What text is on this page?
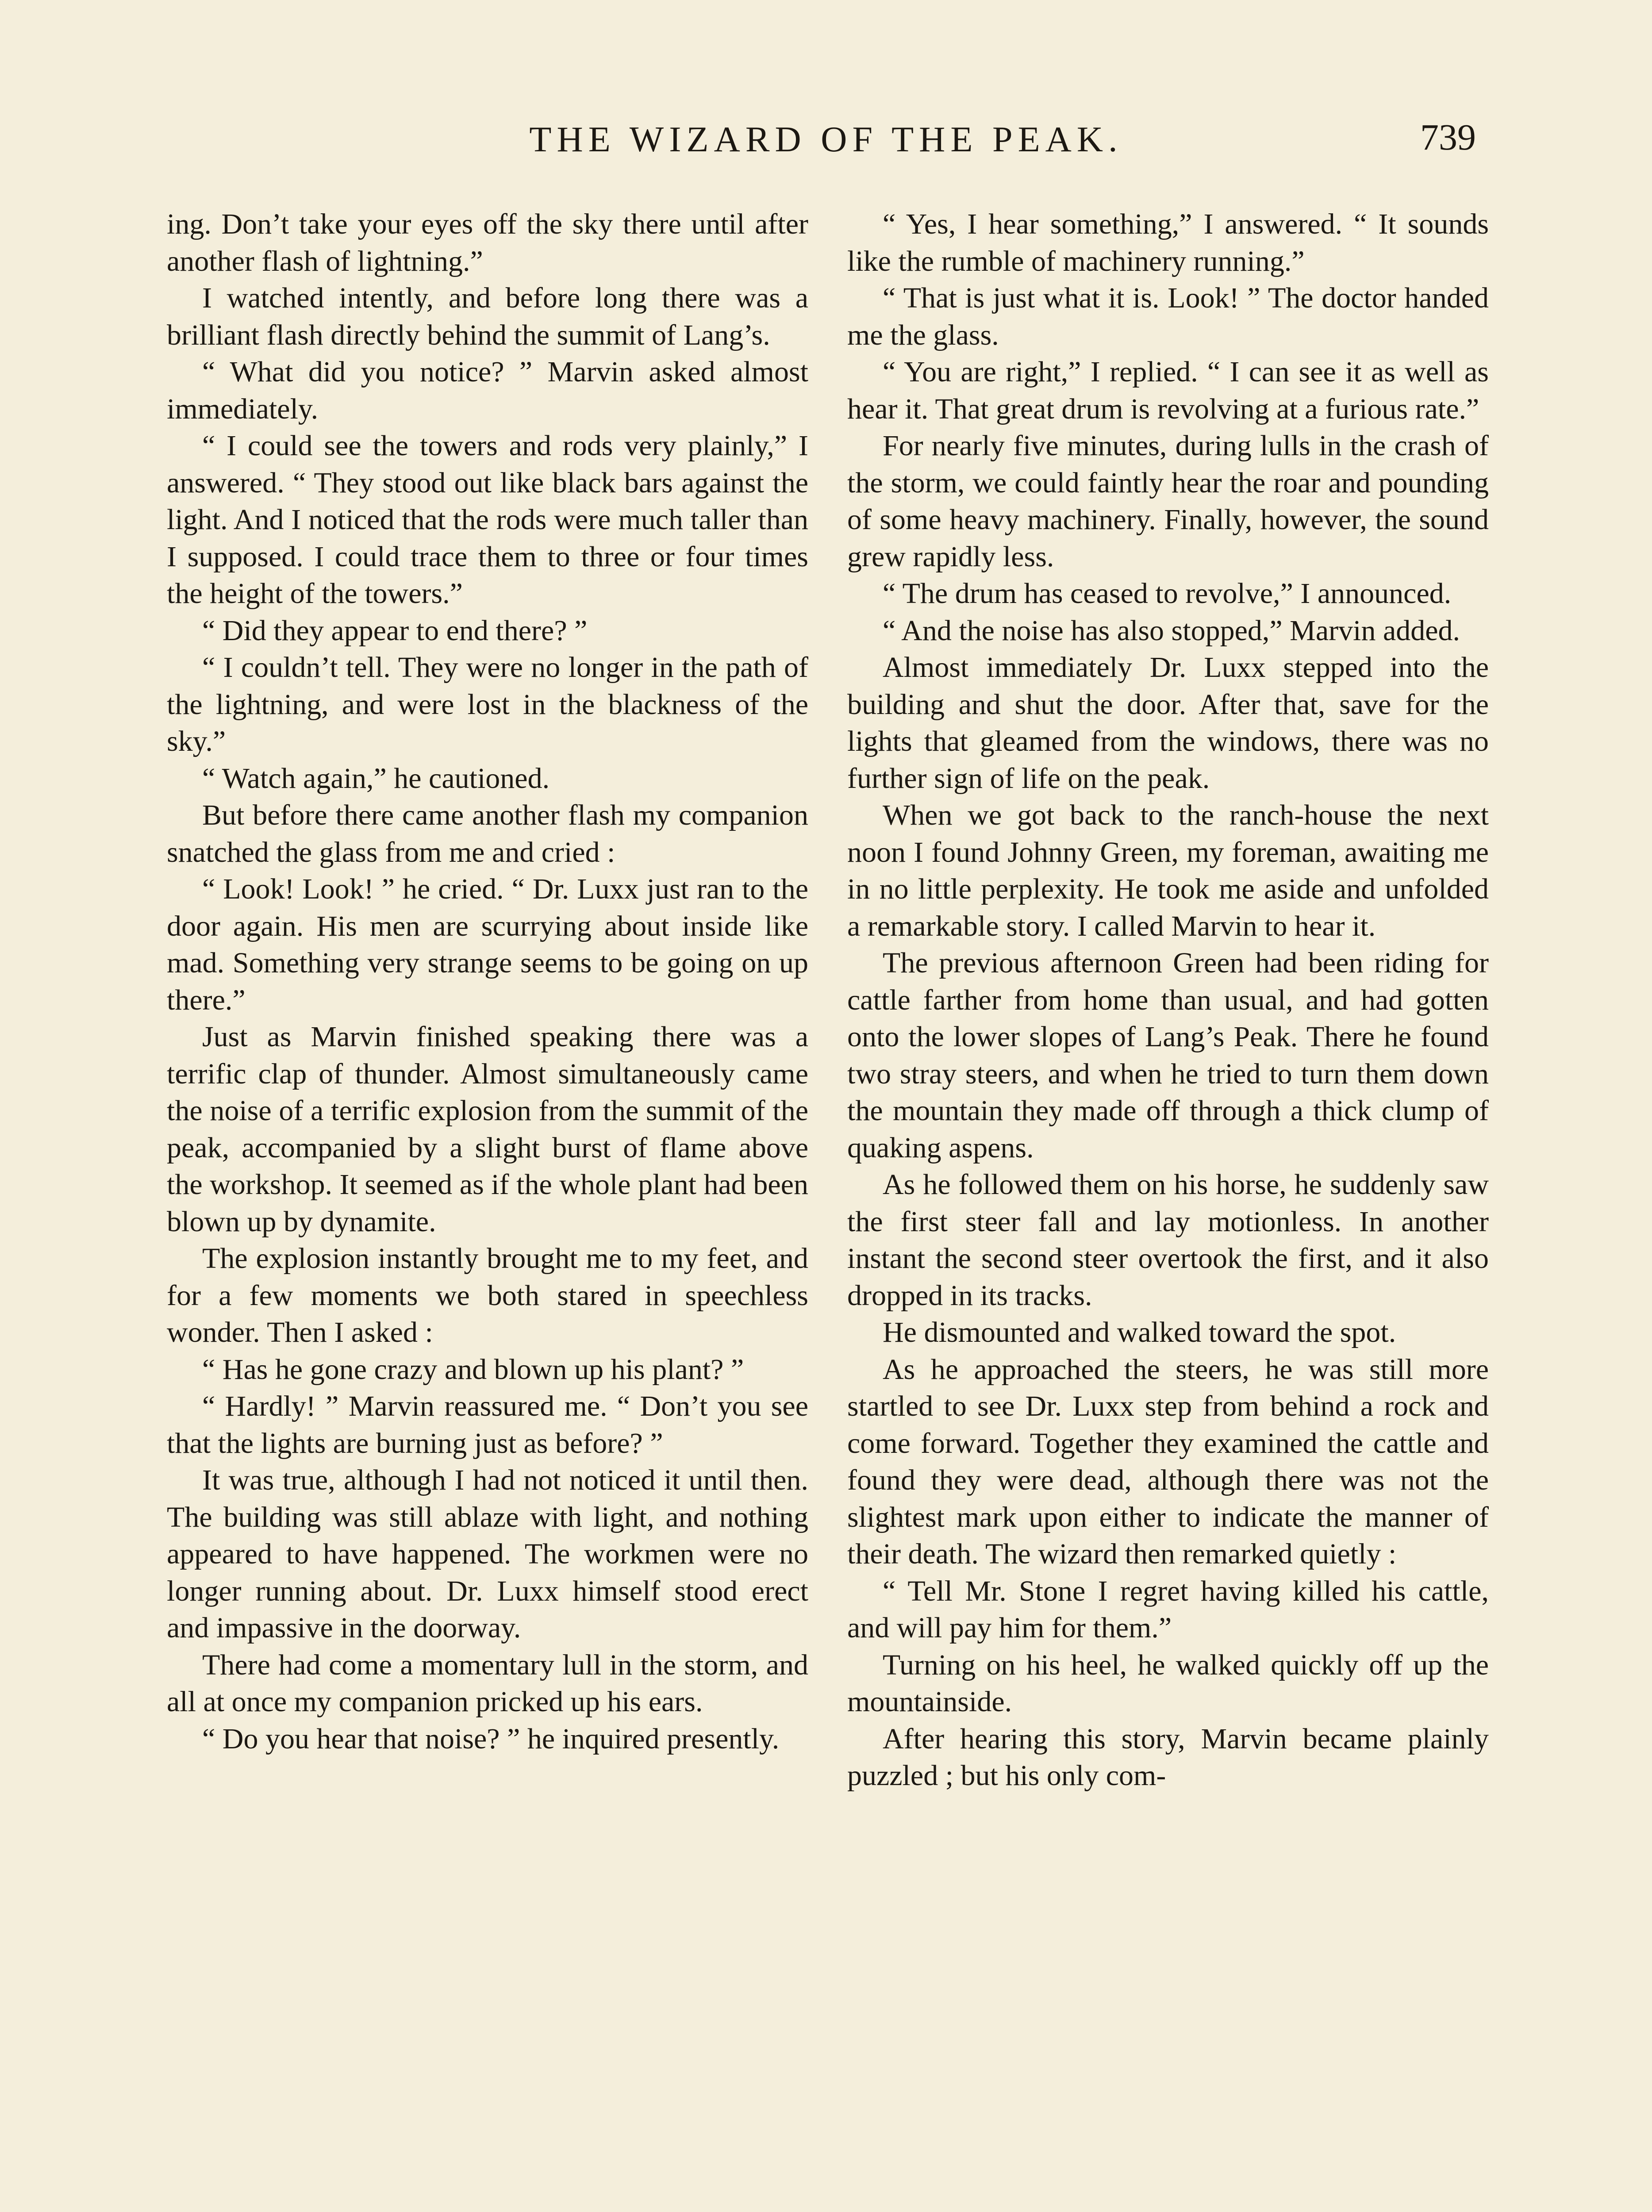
THE WIZARD OF THE PEAK.	739

ing. Don’t take your eyes off the sky there until after another flash of lightning.”

I watched intently, and before long there was a brilliant flash directly behind the summit of Lang’s.

“ What did you notice? ” Marvin asked almost immediately.

“ I could see the towers and rods very plainly,” I answered. “ They stood out like black bars against the light. And I noticed that the rods were much taller than I supposed. I could trace them to three or four times the height of the towers.”

“ Did they appear to end there? ”

“ I couldn’t tell. They were no longer in the path of the lightning, and were lost in the blackness of the sky.”

“ Watch again,” he cautioned.

But before there came another flash my companion snatched the glass from me and cried :

“ Look! Look! ” he cried. “ Dr. Luxx just ran to the door again. His men are scurrying about inside like mad. Something very strange seems to be going on up there.”

Just as Marvin finished speaking there was a terrific clap of thunder. Almost simultaneously came the noise of a terrific explosion from the summit of the peak, accompanied by a slight burst of flame above the workshop. It seemed as if the whole plant had been blown up by dynamite.

The explosion instantly brought me to my feet, and for a few moments we both stared in speechless wonder. Then I asked :

“ Has he gone crazy and blown up his plant? ”

“ Hardly! ” Marvin reassured me. “ Don’t you see that the lights are burning just as before? ”

It was true, although I had not noticed it until then. The building was still ablaze with light, and nothing appeared to have happened. The workmen were no longer running about. Dr. Luxx himself stood erect and impassive in the doorway.

There had come a momentary lull in the storm, and all at once my companion pricked up his ears.

“ Do you hear that noise? ” he inquired presently.

“ Yes, I hear something,” I answered. “ It sounds like the rumble of machinery running.”

“ That is just what it is. Look! ” The doctor handed me the glass.

“ You are right,” I replied. “ I can see it as well as hear it. That great drum is revolving at a furious rate.”

For nearly five minutes, during lulls in the crash of the storm, we could faintly hear the roar and pounding of some heavy machinery. Finally, however, the sound grew rapidly less.

“ The drum has ceased to revolve,” I announced.

“ And the noise has also stopped,” Marvin added.

Almost immediately Dr. Luxx stepped into the building and shut the door. After that, save for the lights that gleamed from the windows, there was no further sign of life on the peak.

When we got back to the ranch-house the next noon I found Johnny Green, my foreman, awaiting me in no little perplexity. He took me aside and unfolded a remarkable story. I called Marvin to hear it.

The previous afternoon Green had been riding for cattle farther from home than usual, and had gotten onto the lower slopes of Lang’s Peak. There he found two stray steers, and when he tried to turn them down the mountain they made off through a thick clump of quaking aspens.

As he followed them on his horse, he suddenly saw the first steer fall and lay motionless. In another instant the second steer overtook the first, and it also dropped in its tracks.

He dismounted and walked toward the spot.

As he approached the steers, he was still more startled to see Dr. Luxx step from behind a rock and come forward. Together they examined the cattle and found they were dead, although there was not the slightest mark upon either to indicate the manner of their death. The wizard then remarked quietly :

“ Tell Mr. Stone I regret having killed his cattle, and will pay him for them.”

Turning on his heel, he walked quickly off up the mountainside.

After hearing this story, Marvin became plainly puzzled ; but his only com-
